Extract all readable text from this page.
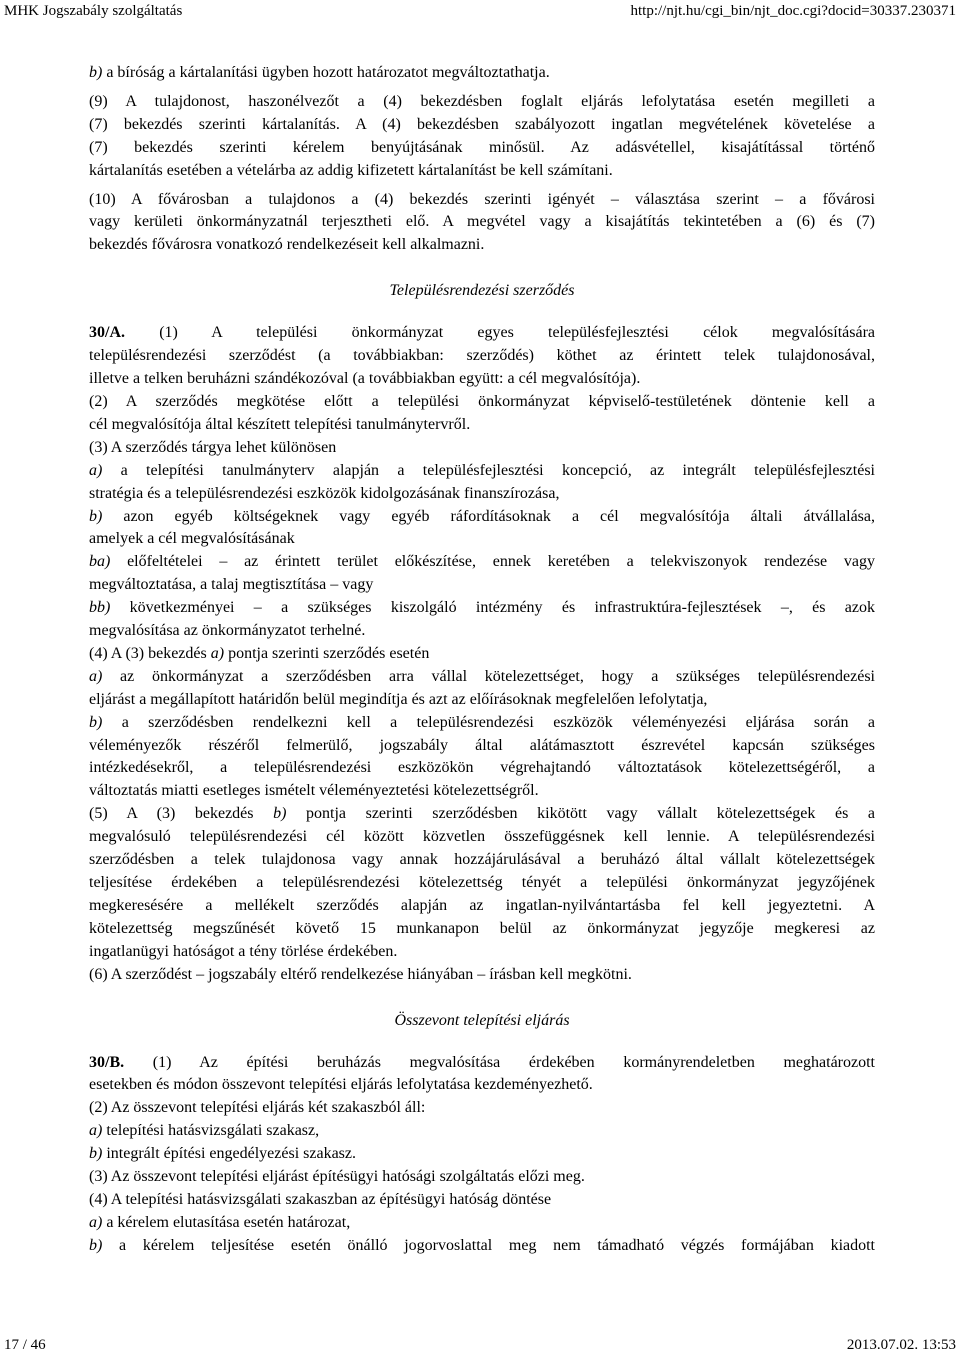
MHK Jogszabály szolgáltatás	http://njt.hu/cgi_bin/njt_doc.cgi?docid=30337.230371

b) a bíróság a kártalanítási ügyben hozott határozatot megváltoztathatja.

(9) A tulajdonost, haszonélvezőt a (4) bekezdésben foglalt eljárás lefolytatása esetén megilleti a
(7) bekezdés szerinti kártalanítás. A (4) bekezdésben szabályozott ingatlan megvételének követelése a
(7) bekezdés szerinti kérelem benyújtásának minősül. Az adásvétellel, kisajátítással történő
kártalanítás esetében a vételárba az addig kifizetett kártalanítást be kell számítani.

(10) A fővárosban a tulajdonos a (4) bekezdés szerinti igényét – választása szerint – a fővárosi
vagy kerületi önkormányzatnál terjesztheti elő. A megvétel vagy a kisajátítás tekintetében a (6) és (7)
bekezdés fővárosra vonatkozó rendelkezéseit kell alkalmazni.

Településrendezési szerződés

30/A. (1) A települési önkormányzat egyes településfejlesztési célok megvalósítására
településrendezési szerződést (a továbbiakban: szerződés) köthet az érintett telek tulajdonosával,
illetve a telken beruházni szándékozóval (a továbbiakban együtt: a cél megvalósítója).

(2) A szerződés megkötése előtt a települési önkormányzat képviselő-testületének döntenie kell a
cél megvalósítója által készített telepítési tanulmánytervről.

(3) A szerződés tárgya lehet különösen

a) a telepítési tanulmányterv alapján a településfejlesztési koncepció, az integrált településfejlesztési
stratégia és a településrendezési eszközök kidolgozásának finanszírozása,

b) azon egyéb költségeknek vagy egyéb ráfordításoknak a cél megvalósítója általi átvállalása,
amelyek a cél megvalósításának

ba) előfeltételei – az érintett terület előkészítése, ennek keretében a telekviszonyok rendezése vagy
megváltoztatása, a talaj megtisztítása – vagy

bb) következményei – a szükséges kiszolgáló intézmény és infrastruktúra-fejlesztések –, és azok
megvalósítása az önkormányzatot terhelné.

(4) A (3) bekezdés a) pontja szerinti szerződés esetén

a) az önkormányzat a szerződésben arra vállal kötelezettséget, hogy a szükséges településrendezési
eljárást a megállapított határidőn belül megindítja és azt az előírásoknak megfelelően lefolytatja,

b) a szerződésben rendelkezni kell a településrendezési eszközök véleményezési eljárása során a
véleményezők részéről felmerülő, jogszabály által alátámasztott észrevétel kapcsán szükséges
intézkedésekről, a településrendezési eszközökön végrehajtandó változtatások kötelezettségéről, a
változtatás miatti esetleges ismételt véleményeztetési kötelezettségről.

(5) A (3) bekezdés b) pontja szerinti szerződésben kikötött vagy vállalt kötelezettségek és a
megvalósuló településrendezési cél között közvetlen összefüggésnek kell lennie. A településrendezési
szerződésben a telek tulajdonosa vagy annak hozzájárulásával a beruházó által vállalt kötelezettségek
teljesítése érdekében a településrendezési kötelezettség tényét a települési önkormányzat jegyzőjének
megkeresésére a mellékelt szerződés alapján az ingatlan-nyilvántartásba fel kell jegyeztetni. A
kötelezettség megszűnését követő 15 munkanapon belül az önkormányzat jegyzője megkeresi az
ingatlanügyi hatóságot a tény törlése érdekében.

(6) A szerződést – jogszabály eltérő rendelkezése hiányában – írásban kell megkötni.

Összevont telepítési eljárás

30/B. (1) Az építési beruházás megvalósítása érdekében kormányrendeletben meghatározott
esetekben és módon összevont telepítési eljárás lefolytatása kezdeményezhető.

(2) Az összevont telepítési eljárás két szakaszból áll:

a) telepítési hatásvizsgálati szakasz,

b) integrált építési engedélyezési szakasz.

(3) Az összevont telepítési eljárást építésügyi hatósági szolgáltatás előzi meg.

(4) A telepítési hatásvizsgálati szakaszban az építésügyi hatóság döntése

a) a kérelem elutasítása esetén határozat,

b) a kérelem teljesítése esetén önálló jogorvoslattal meg nem támadható végzés formájában kiadott

17 / 46	2013.07.02. 13:53
